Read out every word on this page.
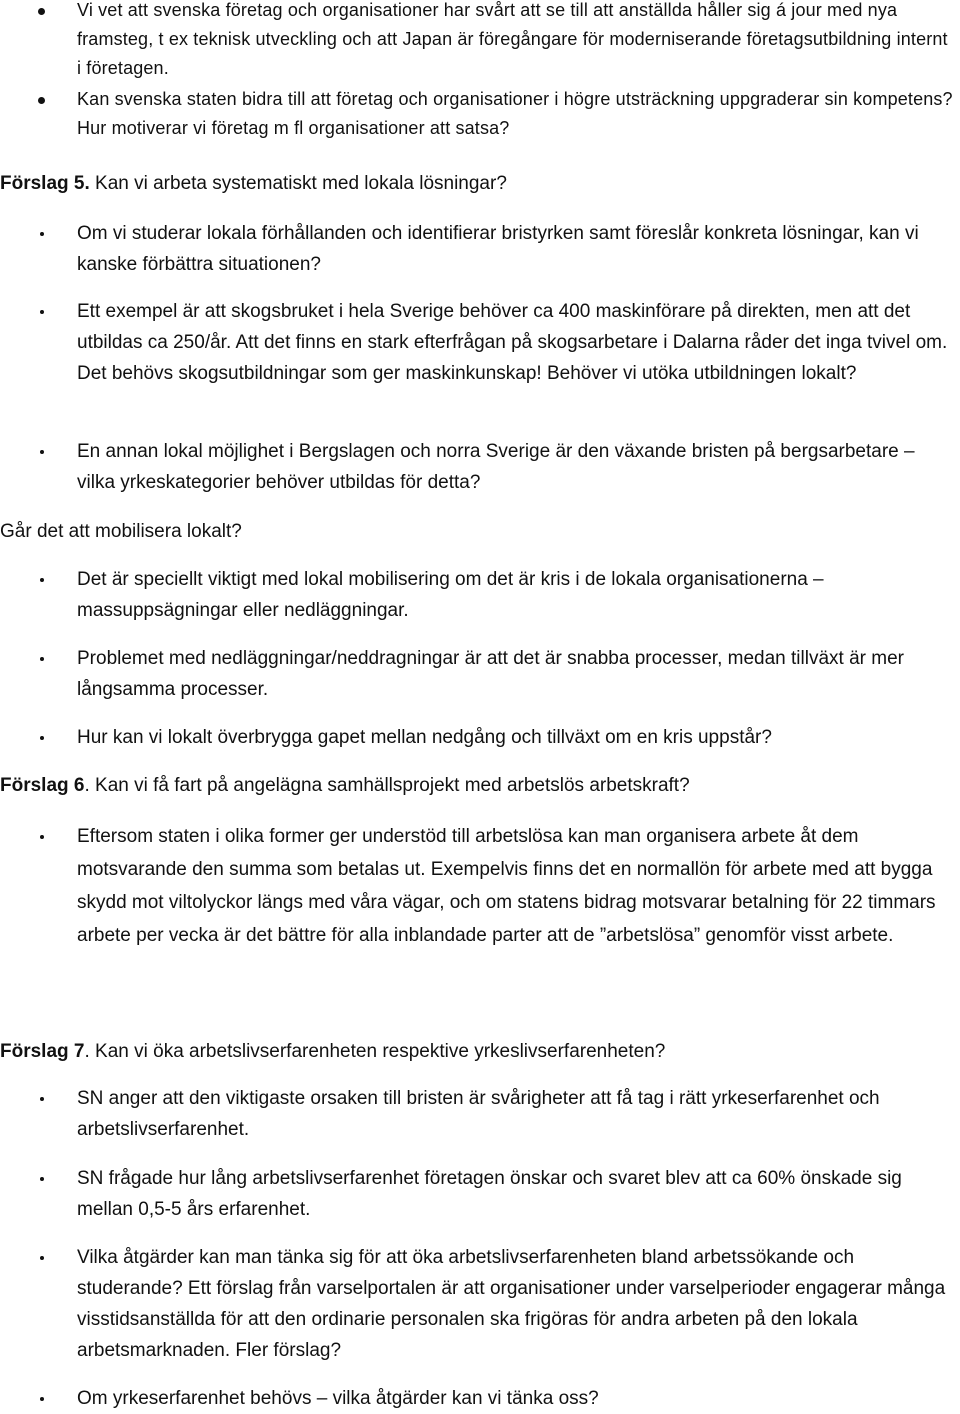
Vi vet att svenska företag och organisationer har svårt att se till att anställda håller sig á jour med nya framsteg, t ex teknisk utveckling och att Japan är föregångare för moderniserande företagsutbildning internt i företagen.
Kan svenska staten bidra till att företag och organisationer i högre utsträckning uppgraderar sin kompetens? Hur motiverar vi företag m fl organisationer att satsa?
Förslag 5. Kan vi arbeta systematiskt med lokala lösningar?
Om vi studerar lokala förhållanden och identifierar bristyrken samt föreslår konkreta lösningar, kan vi kanske förbättra situationen?
Ett exempel är att skogsbruket i hela Sverige behöver ca 400 maskinförare på direkten, men att det utbildas ca 250/år. Att det finns en stark efterfrågan på skogsarbetare i Dalarna råder det inga tvivel om. Det behövs skogsutbildningar som ger maskinkunskap! Behöver vi utöka utbildningen lokalt?
En annan lokal möjlighet i Bergslagen och norra Sverige är den växande bristen på bergsarbetare – vilka yrkeskategorier behöver utbildas för detta?
Går det att mobilisera lokalt?
Det är speciellt viktigt med lokal mobilisering om det är kris i de lokala organisationerna – massuppsägningar eller nedläggningar.
Problemet med nedläggningar/neddragningar är att det är snabba processer, medan tillväxt är mer långsamma processer.
Hur kan vi lokalt överbrygga gapet mellan nedgång och tillväxt om en kris uppstår?
Förslag 6. Kan vi få fart på angelägna samhällsprojekt med arbetslös arbetskraft?
Eftersom staten i olika former ger understöd till arbetslösa kan man organisera arbete åt dem motsvarande den summa som betalas ut. Exempelvis finns det en normallön för arbete med att bygga skydd mot viltolyckor längs med våra vägar, och om statens bidrag motsvarar betalning för 22 timmars arbete per vecka är det bättre för alla inblandade parter att de ”arbetslösa” genomför visst arbete.
Förslag 7. Kan vi öka arbetslivserfarenheten respektive yrkeslivserfarenheten?
SN anger att den viktigaste orsaken till bristen är svårigheter att få tag i rätt yrkeserfarenhet och arbetslivserfarenhet.
SN frågade hur lång arbetslivserfarenhet företagen önskar och svaret blev att ca 60% önskade sig mellan 0,5-5 års erfarenhet.
Vilka åtgärder kan man tänka sig för att öka arbetslivserfarenheten bland arbetssökande och studerande? Ett förslag från varselportalen är att organisationer under varselperioder engagerar många visstidsanställda för att den ordinarie personalen ska frigöras för andra arbeten på den lokala arbetsmarknaden. Fler förslag?
Om yrkeserfarenhet behövs – vilka åtgärder kan vi tänka oss?
